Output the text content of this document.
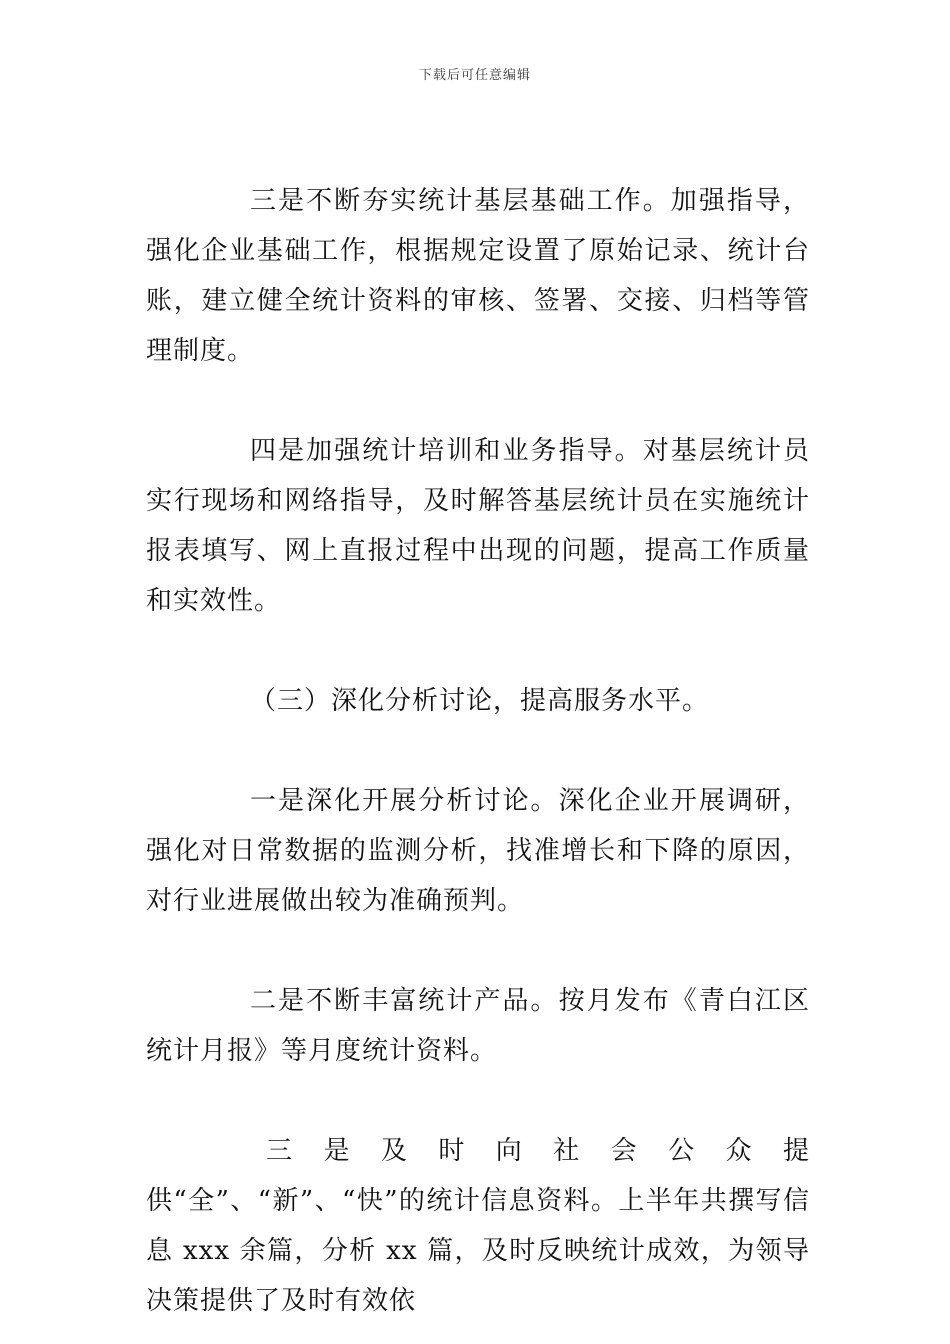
下载后可任意编辑

三是不断夯实统计基层基础工作。加强指导，强化企业基础工作，根据规定设置了原始记录、统计台账，建立健全统计资料的审核、签署、交接、归档等管理制度。

四是加强统计培训和业务指导。对基层统计员实行现场和网络指导，及时解答基层统计员在实施统计报表填写、网上直报过程中出现的问题，提高工作质量和实效性。

（三）深化分析讨论，提高服务水平。

一是深化开展分析讨论。深化企业开展调研，强化对日常数据的监测分析，找准增长和下降的原因，对行业进展做出较为准确预判。

二是不断丰富统计产品。按月发布《青白江区统计月报》等月度统计资料。

三是及时向社会公众提供“全”、“新”、“快”的统计信息资料。上半年共撰写信息 xxx 余篇，分析 xx 篇，及时反映统计成效，为领导决策提供了及时有效依
